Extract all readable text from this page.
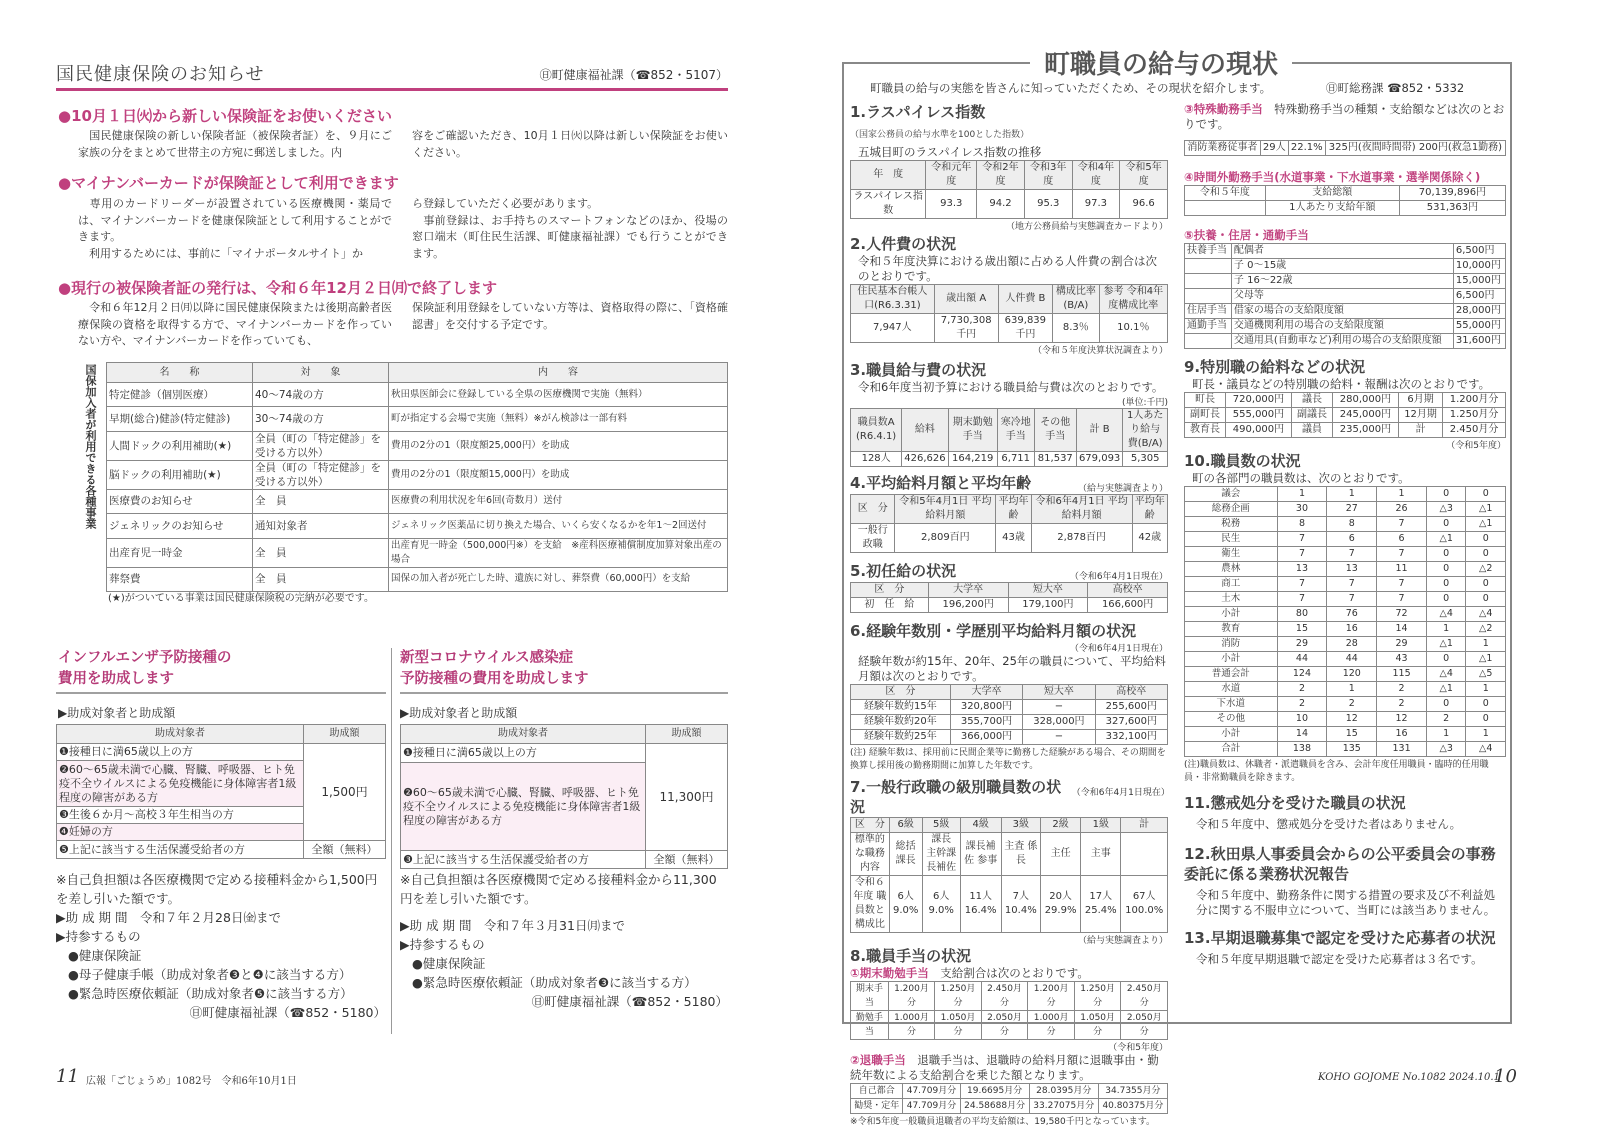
国民健康保険のお知らせ	㊐町健康福祉課（☎852・5107）
●10月１日㈫から新しい保険証をお使いください
　国民健康保険の新しい保険者証（被保険者証）を、９月にご家族の分をまとめて世帯主の方宛に郵送しました。内
容をご確認いただき、10月１日㈫以降は新しい保険証をお使いください。
●マイナンバーカードが保険証として利用できます
　専用のカードリーダーが設置されている医療機関・薬局では、マイナンバーカードを健康保険証として利用することができます。
　利用するためには、事前に「マイナポータルサイト」か
ら登録していただく必要があります。
　事前登録は、お手持ちのスマートフォンなどのほか、役場の窓口端末（町住民生活課、町健康福祉課）でも行うことができます。
●現行の被保険者証の発行は、令和６年12月２日㈪で終了します
　令和６年12月２日㈪以降に国民健康保険または後期高齢者医療保険の資格を取得する方で、マイナンバーカードを作っていない方や、マイナンバーカードを作っていても、
保険証利用登録をしていない方等は、資格取得の際に、「資格確認書」を交付する予定です。
国保加入者が利用できる各種事業	名　　称	対　　象	内　　容
特定健診（個別医療）	40〜74歳の方	秋田県医師会に登録している全県の医療機関で実施（無料）
早期(総合)健診(特定健診)	30〜74歳の方	町が指定する会場で実施（無料）※がん検診は一部有料
人間ドックの利用補助(★)	全員（町の「特定健診」を受ける方以外）	費用の2分の1（限度額25,000円）を助成
脳ドックの利用補助(★)	全員（町の「特定健診」を受ける方以外）	費用の2分の1（限度額15,000円）を助成
医療費のお知らせ	全　員	医療費の利用状況を年6回(奇数月）送付
ジェネリックのお知らせ	通知対象者	ジェネリック医薬品に切り換えた場合、いくら安くなるかを年1〜2回送付
出産育児一時金	全　員	出産育児一時金（500,000円※）を支給　※産科医療補償制度加算対象出産の場合
葬祭費	全　員	国保の加入者が死亡した時、遺族に対し、葬祭費（60,000円）を支給
(★)がついている事業は国民健康保険税の完納が必要です。
インフルエンザ予防接種の
費用を助成します
▶助成対象者と助成額
助成対象者	助成額
❶接種日に満65歳以上の方	1,500円
❷60〜65歳未満で心臓、腎臓、呼吸器、ヒト免疫不全ウイルスによる免疫機能に身体障害者1級程度の障害がある方	
❸生後６か月〜高校３年生相当の方	
❹妊婦の方	
❺上記に該当する生活保護受給者の方	全額（無料）
※自己負担額は各医療機関で定める接種料金から1,500円を差し引いた額です。
▶助 成 期 間　令和７年２月28日㈮まで
▶持参するもの
●健康保険証
●母子健康手帳（助成対象者❸と❹に該当する方）
●緊急時医療依頼証（助成対象者❺に該当する方）
㊐町健康福祉課（☎852・5180）
新型コロナウイルス感染症
予防接種の費用を助成します
▶助成対象者と助成額
助成対象者	助成額
❶接種日に満65歳以上の方	11,300円
❷60〜65歳未満で心臓、腎臓、呼吸器、ヒト免疫不全ウイルスによる免疫機能に身体障害者1級程度の障害がある方	
❸上記に該当する生活保護受給者の方	全額（無料）
※自己負担額は各医療機関で定める接種料金から11,300円を差し引いた額です。
▶助 成 期 間　令和７年３月31日㈪まで
▶持参するもの
●健康保険証
●緊急時医療依頼証（助成対象者❸に該当する方）
㊐町健康福祉課（☎852・5180）
11 広報「ごじょうめ」1082号　令和6年10月1日
町職員の給与の現状
町職員の給与の実態を皆さんに知っていただくため、その現状を紹介します。	㊐町総務課 ☎852・5332
1.ラスパイレス指数 （国家公務員の給与水準を100とした指数）
五城目町のラスパイレス指数の推移
年　度	令和元年度	令和2年度	令和3年度	令和4年度	令和5年度
ラスパイレス指数	93.3	94.2	95.3	97.3	96.6
（地方公務員給与実態調査カードより）
2.人件費の状況
令和５年度決算における歳出額に占める人件費の割合は次のとおりです。
住民基本台帳人口(R6.3.31)	歳出額 A	人件費 B	構成比率(B/A)	参考 令和4年度構成比率
7,947人	7,730,308千円	639,839千円	8.3％	10.1％
（令和５年度決算状況調査より）
3.職員給与費の状況
令和6年度当初予算における職員給与費は次のとおりです。
(単位:千円)
職員数A (R6.4.1)	給料	期末勤勉手当	寒冷地手当	その他手当	計 B	1人あたり給与費(B/A)
128人	426,626	164,219	6,711	81,537	679,093	5,305
4.平均給料月額と平均年齢	（給与実態調査より）
区　分	令和5年4月1日 平均給料月額	平均年齢	令和6年4月1日 平均給料月額	平均年齢
一般行政職	2,809百円	43歳	2,878百円	42歳
5.初任給の状況	（令和6年4月1日現在）
区　分	大学卒	短大卒	高校卒
初　任　給	196,200円	179,100円	166,600円
6.経験年数別・学歴別平均給料月額の状況
（令和6年4月1日現在）
経験年数が約15年、20年、25年の職員について、平均給料月額は次のとおりです。
区　分	大学卒	短大卒	高校卒
経験年数約15年	320,800円	−	255,600円
経験年数約20年	355,700円	328,000円	327,600円
経験年数約25年	366,000円	−	332,100円
(注) 経験年数は、採用前に民間企業等に勤務した経験がある場合、その期間を換算し採用後の勤務期間に加算した年数です。
7.一般行政職の級別職員数の状況
（令和6年4月1日現在）
区　分	6級	5級	4級	3級	2級	1級	計
標準的な職務内容	総括課長	課長 主幹課長補佐	課長補佐 参事	主査 係長	主任	主事	
令和６年度 職員数と構成比	6人 9.0%	6人 9.0%	11人 16.4%	7人 10.4%	20人 29.9%	17人 25.4%	67人 100.0%
（給与実態調査より）
8.職員手当の状況
①期末勤勉手当　 支給割合は次のとおりです。
期末手当	1.200月分	1.250月分	2.450月分	1.200月分	1.250月分	2.450月分
勤勉手当	1.000月分	1.050月分	2.050月分	1.000月分	1.050月分	2.050月分
（令和5年度）
②退職手当　 退職手当は、退職時の給料月額に退職事由・勤続年数による支給割合を乗じた額となります。
自己都合	47.709月分	19.6695月分	28.0395月分	34.7355月分
勧奨・定年	47.709月分	24.58688月分	33.27075月分	40.80375月分
※令和5年度一般職員退職者の平均支給額は、19,580千円となっています。
③特殊勤務手当　 特殊勤務手当の種類・支給額などは次のとおりです。
消防業務従事者	29人	22.1%	325円(夜間時間帯) 200円(救急1勤務)
④時間外勤務手当(水道事業・下水道事業・選挙関係除く)
令和５年度	支給総額	70,139,896円
	1人あたり支給年額	531,363円
⑤扶養・住居・通勤手当
扶養手当	配偶者	6,500円
	子 0〜15歳	10,000円
	子 16〜22歳	15,000円
	父母等	6,500円
住居手当	借家の場合の支給限度額	28,000円
通勤手当	交通機関利用の場合の支給限度額	55,000円
	交通用具(自動車など)利用の場合の支給限度額	31,600円
9.特別職の給料などの状況
町長・議員などの特別職の給料・報酬は次のとおりです。
町長	720,000円	議長	280,000円	6月期	1.200月分
副町長	555,000円	副議長	245,000円	12月期	1.250月分
教育長	490,000円	議員	235,000円	計	2.450月分
（令和5年度）
10.職員数の状況
町の各部門の職員数は、次のとおりです。
議会	1	1	1	0	0
総務企画	30	27	26	△3	△1
税務	8	8	7	0	△1
民生	7	6	6	△1	0
衛生	7	7	7	0	0
農林	13	13	11	0	△2
商工	7	7	7	0	0
土木	7	7	7	0	0
小計	80	76	72	△4	△4
教育	15	16	14	1	△2
消防	29	28	29	△1	1
小計	44	44	43	0	△1
普通会計	124	120	115	△4	△5
水道	2	1	2	△1	1
下水道	2	2	2	0	0
その他	10	12	12	2	0
小計	14	15	16	1	1
合計	138	135	131	△3	△4
(注)職員数は、休職者・派遣職員を含み、会計年度任用職員・臨時的任用職員・非常勤職員を除きます。
11.懲戒処分を受けた職員の状況
令和５年度中、懲戒処分を受けた者はありません。
12.秋田県人事委員会からの公平委員会の事務委託に係る業務状況報告
令和５年度中、勤務条件に関する措置の要求及び不利益処分に関する不服申立について、当町には該当ありません。
13.早期退職募集で認定を受けた応募者の状況
令和５年度早期退職で認定を受けた応募者は３名です。
KOHO GOJOME No.1082 2024.10.1
10
